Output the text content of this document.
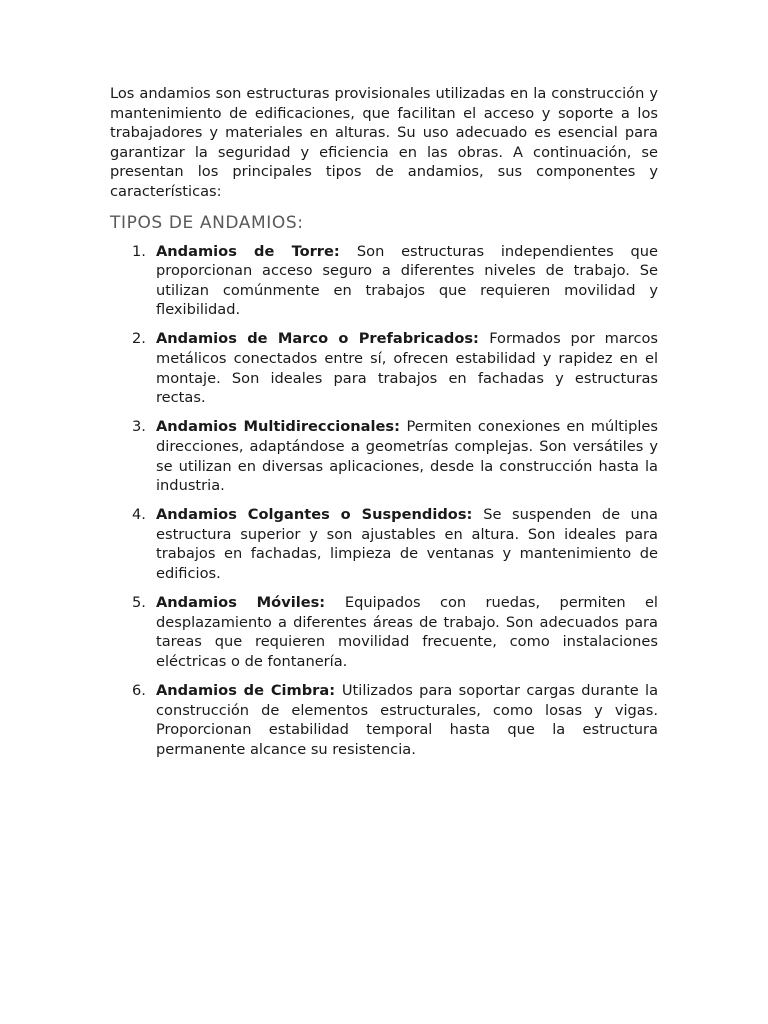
Los andamios son estructuras provisionales utilizadas en la construcción y mantenimiento de edificaciones, que facilitan el acceso y soporte a los trabajadores y materiales en alturas. Su uso adecuado es esencial para garantizar la seguridad y eficiencia en las obras. A continuación, se presentan los principales tipos de andamios, sus componentes y características:

TIPOS DE ANDAMIOS:
1. Andamios de Torre: Son estructuras independientes que proporcionan acceso seguro a diferentes niveles de trabajo. Se utilizan comúnmente en trabajos que requieren movilidad y flexibilidad.
2. Andamios de Marco o Prefabricados: Formados por marcos metálicos conectados entre sí, ofrecen estabilidad y rapidez en el montaje. Son ideales para trabajos en fachadas y estructuras rectas.
3. Andamios Multidireccionales: Permiten conexiones en múltiples direcciones, adaptándose a geometrías complejas. Son versátiles y se utilizan en diversas aplicaciones, desde la construcción hasta la industria.
4. Andamios Colgantes o Suspendidos: Se suspenden de una estructura superior y son ajustables en altura. Son ideales para trabajos en fachadas, limpieza de ventanas y mantenimiento de edificios.
5. Andamios Móviles: Equipados con ruedas, permiten el desplazamiento a diferentes áreas de trabajo. Son adecuados para tareas que requieren movilidad frecuente, como instalaciones eléctricas o de fontanería.
6. Andamios de Cimbra: Utilizados para soportar cargas durante la construcción de elementos estructurales, como losas y vigas. Proporcionan estabilidad temporal hasta que la estructura permanente alcance su resistencia.
